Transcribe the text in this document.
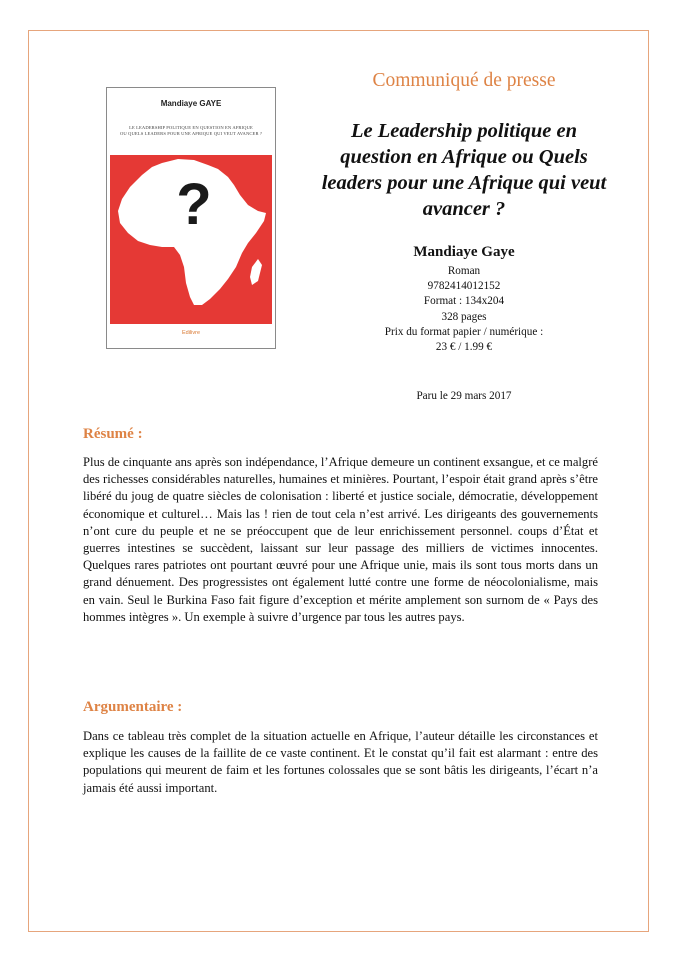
Mandiaye GAYE
LE LEADERSHIP POLITIQUE EN QUESTION EN AFRIQUE
OU QUELS LEADERS POUR UNE AFRIQUE QUI VEUT AVANCER ?
?
Edilivre
Communiqué de presse
Le Leadership politique en question en Afrique ou Quels leaders pour une Afrique qui veut avancer ?
Mandiaye Gaye
Roman
9782414012152
Format : 134x204
328 pages
Prix du format papier / numérique :
23 € / 1.99 €
Paru le 29 mars 2017
Résumé :

Plus de cinquante ans après son indépendance, l’Afrique demeure un continent exsangue, et ce malgré des richesses considérables naturelles, humaines et minières. Pourtant, l’espoir était grand après s’être libéré du joug de quatre siècles de colonisation : liberté et justice sociale, démocratie, développement économique et culturel… Mais las ! rien de tout cela n’est arrivé. Les dirigeants des gouvernements n’ont cure du peuple et ne se préoccupent que de leur enrichissement personnel. coups d’État et guerres intestines se succèdent, laissant sur leur passage des milliers de victimes innocentes. Quelques rares patriotes ont pourtant œuvré pour une Afrique unie, mais ils sont tous morts dans un grand dénuement. Des progressistes ont également lutté contre une forme de néocolonialisme, mais en vain. Seul le Burkina Faso fait figure d’exception et mérite amplement son surnom de « Pays des hommes intègres ». Un exemple à suivre d’urgence par tous les autres pays.

Argumentaire :

Dans ce tableau très complet de la situation actuelle en Afrique, l’auteur détaille les circonstances et explique les causes de la faillite de ce vaste continent. Et le constat qu’il fait est alarmant : entre des populations qui meurent de faim et les fortunes colossales que se sont bâtis les dirigeants, l’écart n’a jamais été aussi important.
